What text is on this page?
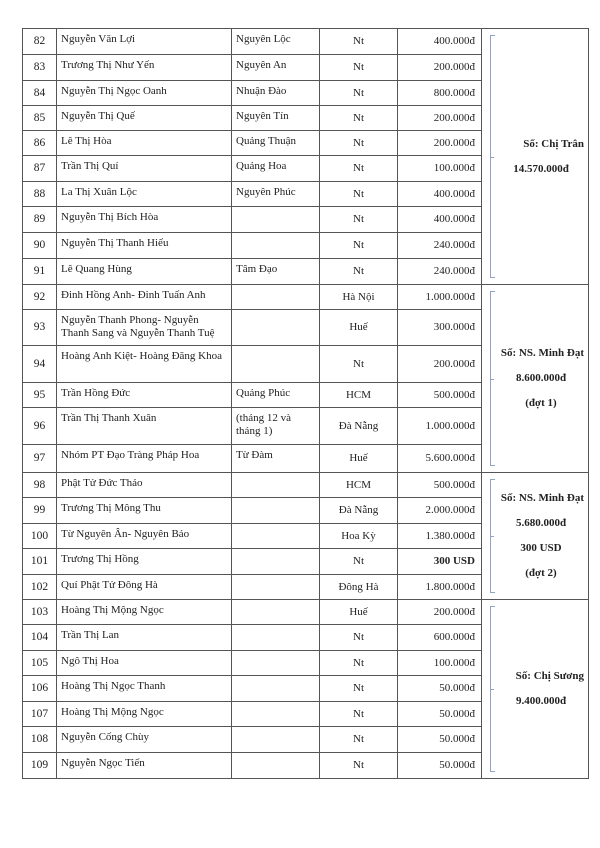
82	Nguyễn Văn Lợi	Nguyên Lộc	Nt	400.000đ	Số: Chị Trân
14.570.000đ

83	Trương Thị Như Yến	Nguyên An	Nt	200.000đ	
84	Nguyễn Thị Ngọc Oanh	Nhuận Đào	Nt	800.000đ	
85	Nguyễn Thị Quế	Nguyên Tín	Nt	200.000đ	
86	Lê Thị Hòa	Quảng Thuận	Nt	200.000đ	
87	Trần Thị Quí	Quảng Hoa	Nt	100.000đ	
88	La Thị Xuân Lộc	Nguyên Phúc	Nt	400.000đ	
89	Nguyễn Thị Bích Hòa		Nt	400.000đ	
90	Nguyễn Thị Thanh Hiếu		Nt	240.000đ	
91	Lê Quang Hùng	Tâm Đạo	Nt	240.000đ	
92	Đinh Hồng Anh- Đinh Tuấn Anh		Hà Nội	1.000.000đ	Số: NS. Minh Đạt
8.600.000đ
(đợt 1)

93	Nguyễn Thanh Phong- Nguyễn Thanh Sang và Nguyễn Thanh Tuệ		Huế	300.000đ	
94	Hoàng Anh Kiệt- Hoàng Đăng Khoa		Nt	200.000đ	
95	Trần Hồng Đức	Quảng Phúc	HCM	500.000đ	
96	Trần Thị Thanh Xuân	(tháng 12 và tháng 1)	Đà Nẵng	1.000.000đ	
97	Nhóm PT Đạo Tràng Pháp Hoa	Từ Đàm	Huế	5.600.000đ	
98	Phật Tử Đức Thảo		HCM	500.000đ	Số: NS. Minh Đạt
5.680.000đ
300 USD
(đợt 2)

99	Trương Thị Mông Thu		Đà Nẵng	2.000.000đ	
100	Từ Nguyên Ân- Nguyên Bảo		Hoa Kỳ	1.380.000đ	
101	Trương Thị Hồng		Nt	300 USD	
102	Quí Phật Tử Đông Hà		Đông Hà	1.800.000đ	
103	Hoàng Thị Mộng Ngọc		Huế	200.000đ	Số: Chị Sương
9.400.000đ

104	Trần Thị Lan		Nt	600.000đ	
105	Ngô Thị Hoa		Nt	100.000đ	
106	Hoàng Thị Ngọc Thanh		Nt	50.000đ	
107	Hoàng Thị Mộng Ngọc		Nt	50.000đ	
108	Nguyễn Cống Chùy		Nt	50.000đ	
109	Nguyễn Ngọc Tiến		Nt	50.000đ	
